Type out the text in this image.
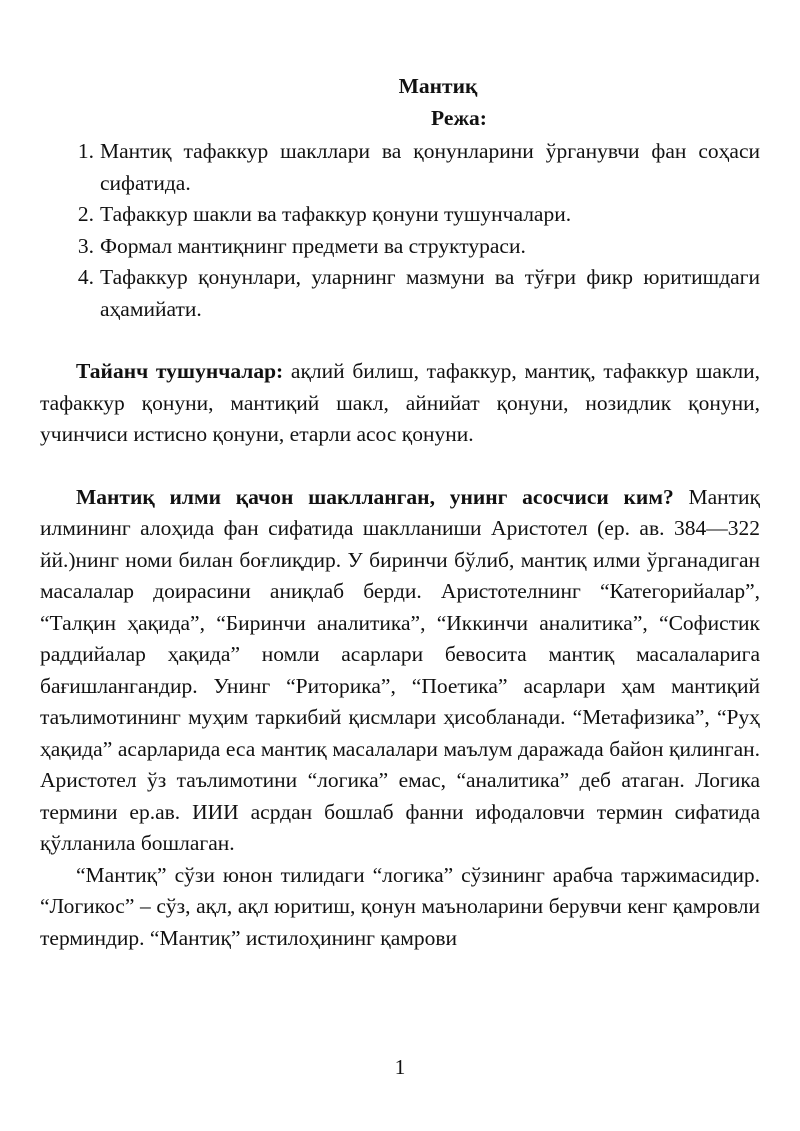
Мантиқ
Режа:
1. Мантиқ тафаккур шакллари ва қонунларини ўрганувчи фан соҳаси сифатида.
2. Тафаккур шакли ва тафаккур қонуни тушунчалари.
3. Формал мантиқнинг предмети ва структураси.
4. Тафаккур қонунлари, уларнинг мазмуни ва тўғри фикр юритишдаги
аҳамийати.

Тайанч тушунчалар: ақлий билиш, тафаккур, мантиқ, тафаккур шакли, тафаккур қонуни, мантиқий шакл, айнийат қонуни, нозидлик қонуни, учинчиси истисно қонуни, етарли асос қонуни.

Мантиқ илми қачон шаклланган, унинг асосчиси ким? Мантиқ илмининг алоҳида фан сифатида шаклланиши Аристотел (ер. ав. 384—322 йй.)нинг номи билан боғлиқдир. У биринчи бўлиб, мантиқ илми ўрганадиган масалалар доирасини аниқлаб берди. Аристотелнинг “Категорийалар”, “Талқин ҳақида”, “Биринчи аналитика”, “Иккинчи аналитика”, “Софистик раддийалар ҳақида” номли асарлари бевосита мантиқ масалаларига бағишлангандир. Унинг “Риторика”, “Поетика” асарлари ҳам мантиқий таълимотининг муҳим таркибий қисмлари ҳисобланади. “Метафизика”, “Руҳ ҳақида” асарларида еса мантиқ масалалари маълум даражада байон қилинган. Аристотел ўз таълимотини “логика” емас, “аналитика” деб атаган. Логика термини ер.ав. ИИИ асрдан бошлаб фанни ифодаловчи термин сифатида қўлланила бошлаган.

“Мантиқ” сўзи юнон тилидаги “логика” сўзининг арабча таржимасидир. “Логикос” – сўз, ақл, ақл юритиш, қонун маъноларини берувчи кенг қамровли терминдир. “Мантиқ” истилоҳининг қамрови

1
